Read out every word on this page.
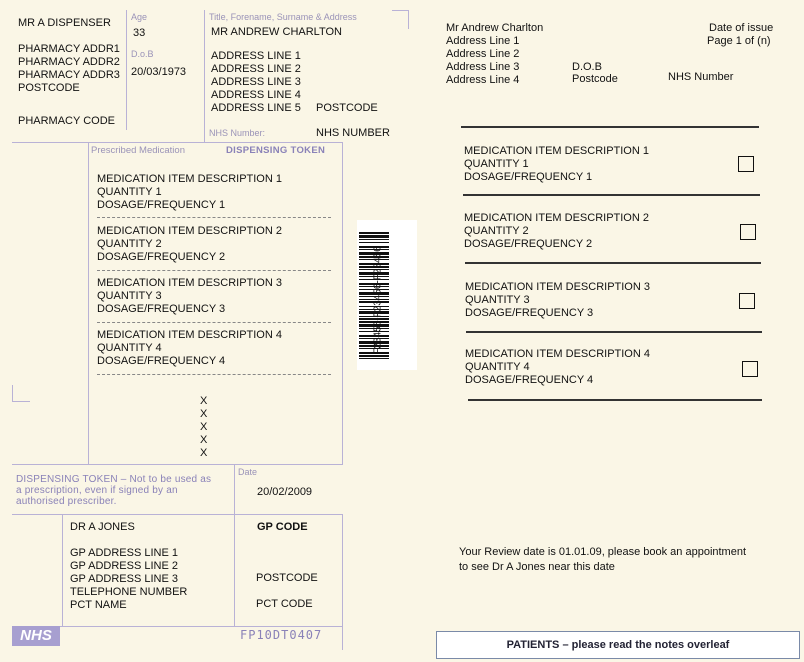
MR A DISPENSER
PHARMACY ADDR1
PHARMACY ADDR2
PHARMACY ADDR3
POSTCODE
PHARMACY CODE
Age
33
D.o.B
20/03/1973
Title, Forename, Surname & Address
MR ANDREW CHARLTON
ADDRESS LINE 1
ADDRESS LINE 2
ADDRESS LINE 3
ADDRESS LINE 4
ADDRESS LINE 5 POSTCODE
NHS Number:	NHS NUMBER
Prescribed Medication	DISPENSING TOKEN
MEDICATION ITEM DESCRIPTION 1
QUANTITY 1
DOSAGE/FREQUENCY 1
MEDICATION ITEM DESCRIPTION 2
QUANTITY 2
DOSAGE/FREQUENCY 2
MEDICATION ITEM DESCRIPTION 3
QUANTITY 3
DOSAGE/FREQUENCY 3
MEDICATION ITEM DESCRIPTION 4
QUANTITY 4
DOSAGE/FREQUENCY 4
X
X
X
X
X
F23456-F23456-F23456
DISPENSING TOKEN – Not to be used as
a prescription, even if signed by an
authorised prescriber.
Date
20/02/2009
DR A JONES	GP CODE
GP ADDRESS LINE 1
GP ADDRESS LINE 2
GP ADDRESS LINE 3
TELEPHONE NUMBER
PCT NAME
POSTCODE
PCT CODE
NHS	FP10DT0407
Mr Andrew Charlton
Address Line 1
Address Line 2
Address Line 3
Address Line 4
D.O.B
Postcode	NHS Number
Date of issue
Page 1 of (n)
MEDICATION ITEM DESCRIPTION 1
QUANTITY 1
DOSAGE/FREQUENCY 1
MEDICATION ITEM DESCRIPTION 2
QUANTITY 2
DOSAGE/FREQUENCY 2
MEDICATION ITEM DESCRIPTION 3
QUANTITY 3
DOSAGE/FREQUENCY 3
MEDICATION ITEM DESCRIPTION 4
QUANTITY 4
DOSAGE/FREQUENCY 4
Your Review date is 01.01.09, please book an appointment
to see Dr A Jones near this date
PATIENTS – please read the notes overleaf
